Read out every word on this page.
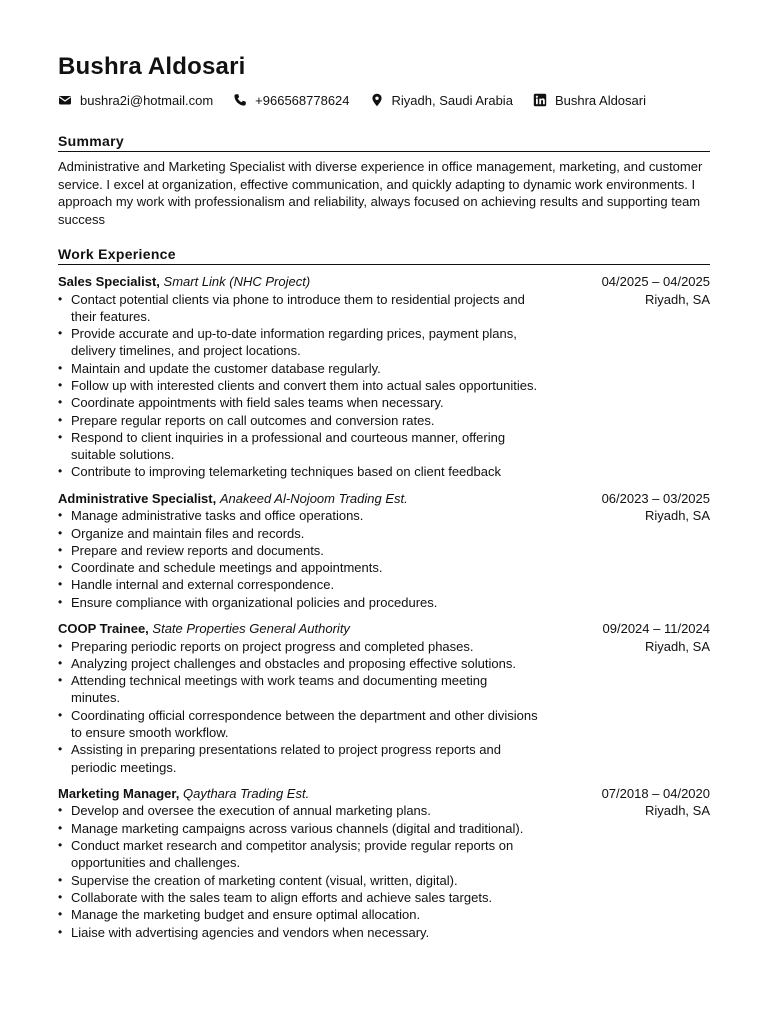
Bushra Aldosari
bushra2i@hotmail.com	+966568778624	Riyadh, Saudi Arabia	Bushra Aldosari
Summary
Administrative and Marketing Specialist with diverse experience in office management, marketing, and customer service. I excel at organization, effective communication, and quickly adapting to dynamic work environments. I approach my work with professionalism and reliability, always focused on achieving results and supporting team success
Work Experience
Sales Specialist, Smart Link (NHC Project)	04/2025 – 04/2025
Riyadh, SA
• Contact potential clients via phone to introduce them to residential projects and their features.
• Provide accurate and up-to-date information regarding prices, payment plans, delivery timelines, and project locations.
• Maintain and update the customer database regularly.
• Follow up with interested clients and convert them into actual sales opportunities.
• Coordinate appointments with field sales teams when necessary.
• Prepare regular reports on call outcomes and conversion rates.
• Respond to client inquiries in a professional and courteous manner, offering suitable solutions.
• Contribute to improving telemarketing techniques based on client feedback
Administrative Specialist, Anakeed Al-Nojoom Trading Est.	06/2023 – 03/2025
Riyadh, SA
• Manage administrative tasks and office operations.
• Organize and maintain files and records.
• Prepare and review reports and documents.
• Coordinate and schedule meetings and appointments.
• Handle internal and external correspondence.
• Ensure compliance with organizational policies and procedures.
COOP Trainee, State Properties General Authority	09/2024 – 11/2024
Riyadh, SA
• Preparing periodic reports on project progress and completed phases.
• Analyzing project challenges and obstacles and proposing effective solutions.
• Attending technical meetings with work teams and documenting meeting minutes.
• Coordinating official correspondence between the department and other divisions to ensure smooth workflow.
• Assisting in preparing presentations related to project progress reports and periodic meetings.
Marketing Manager, Qaythara Trading Est.	07/2018 – 04/2020
Riyadh, SA
• Develop and oversee the execution of annual marketing plans.
• Manage marketing campaigns across various channels (digital and traditional).
• Conduct market research and competitor analysis; provide regular reports on opportunities and challenges.
• Supervise the creation of marketing content (visual, written, digital).
• Collaborate with the sales team to align efforts and achieve sales targets.
• Manage the marketing budget and ensure optimal allocation.
• Liaise with advertising agencies and vendors when necessary.
